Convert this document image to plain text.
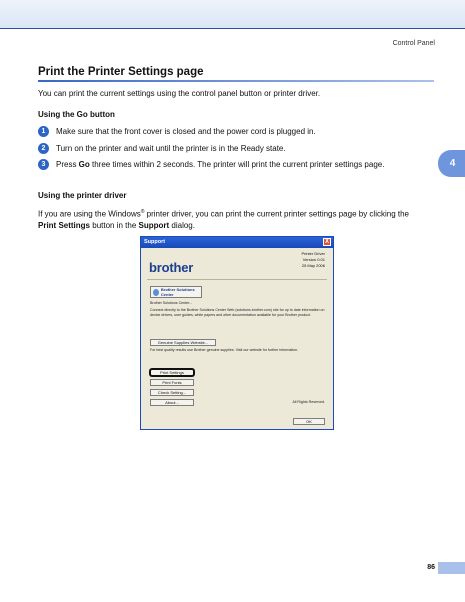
Control Panel
Print the Printer Settings page
You can print the current settings using the control panel button or printer driver.
Using the Go button
1	Make sure that the front cover is closed and the power cord is plugged in.
2	Turn on the printer and wait until the printer is in the Ready state.
3	Press Go three times within 2 seconds. The printer will print the current printer settings page.	4
Using the printer driver
If you are using the Windows® printer driver, you can print the current printer settings page by clicking the
Print Settings button in the Support dialog.
Support	X
brother
Printer Driver
Version 0.01
25 May 2006
Brother Solutions Center
Brother Solutions Center...
Connect directly to the Brother Solutions Center Web (solutions.brother.com) site for up to date information on device drivers, user guides, white papers and other documentation available for your Brother product.
Genuine Supplies Website...
For best quality results use Brother genuine supplies. Visit our website for further information.
Print Settings
Print Fonts
Check Setting...
About...	All Rights Reserved.
OK
86
